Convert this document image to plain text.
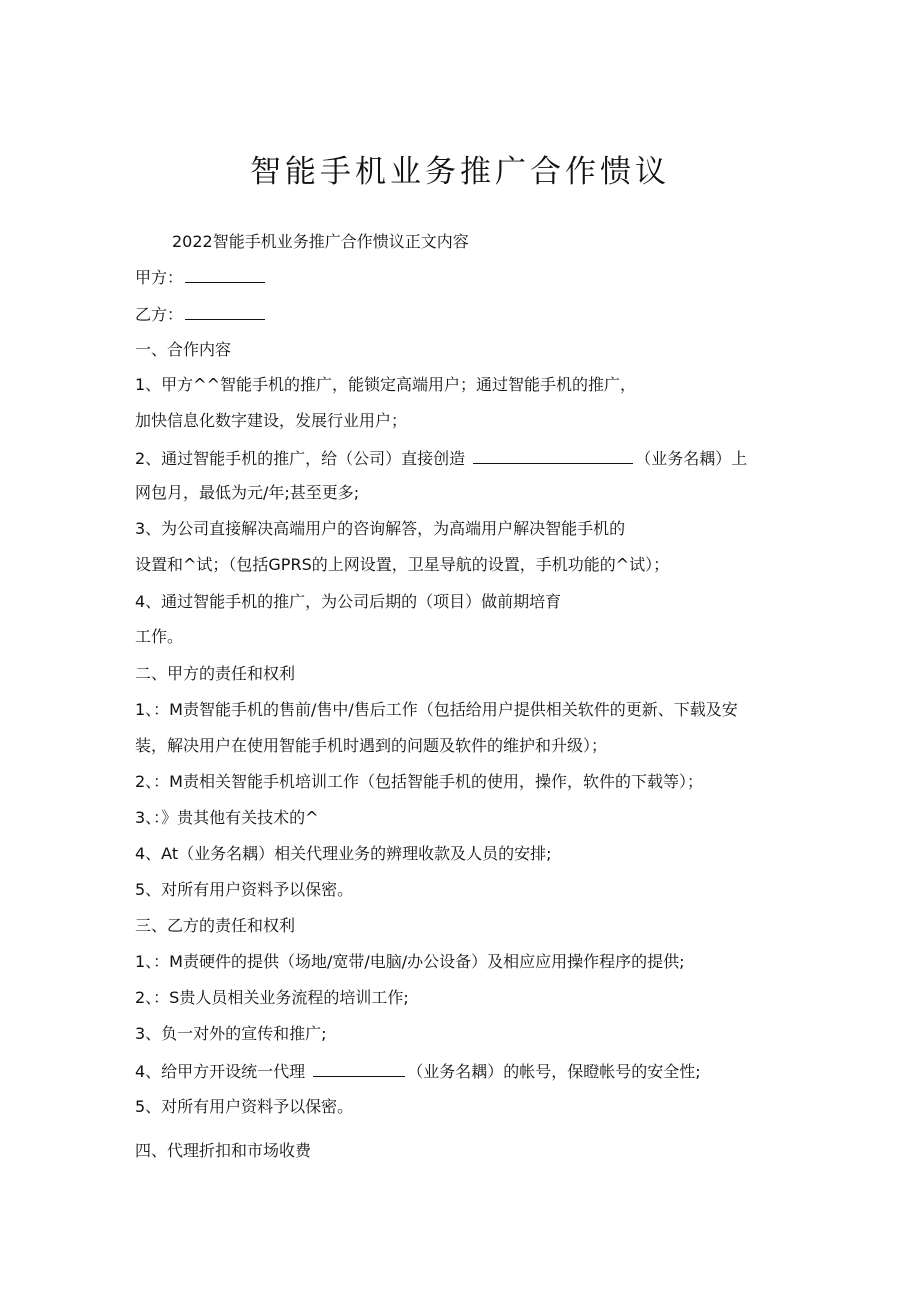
智能手机业务推广合作愦议
2022智能手机业务推广合作愦议正文内容
甲方：
乙方：
一、合作内容
1、甲方^^智能手机的推广，能锁定高端用户；通过智能手机的推广，
加快信息化数字建设，发展行业用户；
2、通过智能手机的推广，给（公司）直接创造	（业务名耦）上
网包月，最低为元/年;甚至更多;
3、为公司直接解决高端用户的咨询解答，为高端用户解决智能手机的
设置和^试；（包括GPRS的上网设置，卫星导航的设置，手机功能的^试）；
4、通过智能手机的推广，为公司后期的（项目）做前期培育
工作。
二、甲方的责任和权利
1、：M责智能手机的售前/售中/售后工作（包括给用户提供相关软件的更新、下载及安
装，解决用户在使用智能手机时遇到的问题及软件的维护和升级）；
2、：M责相关智能手机培训工作（包括智能手机的使用，操作，软件的下载等）；
3、：》贵其他有关技术的^
4、At（业务名耦）相关代理业务的辨理收款及人员的安排;
5、对所有用户资料予以保密。
三、乙方的责任和权利
1、：M责硬件的提供（场地/宽带/电脑/办公设备）及相应应用操作程序的提供;
2、：S贵人员相关业务流程的培训工作;
3、负一对外的宣传和推广;
4、给甲方开设统一代理	（业务名耦）的帐号，保瞪帐号的安全性;
5、对所有用户资料予以保密。
四、代理折扣和市场收费
